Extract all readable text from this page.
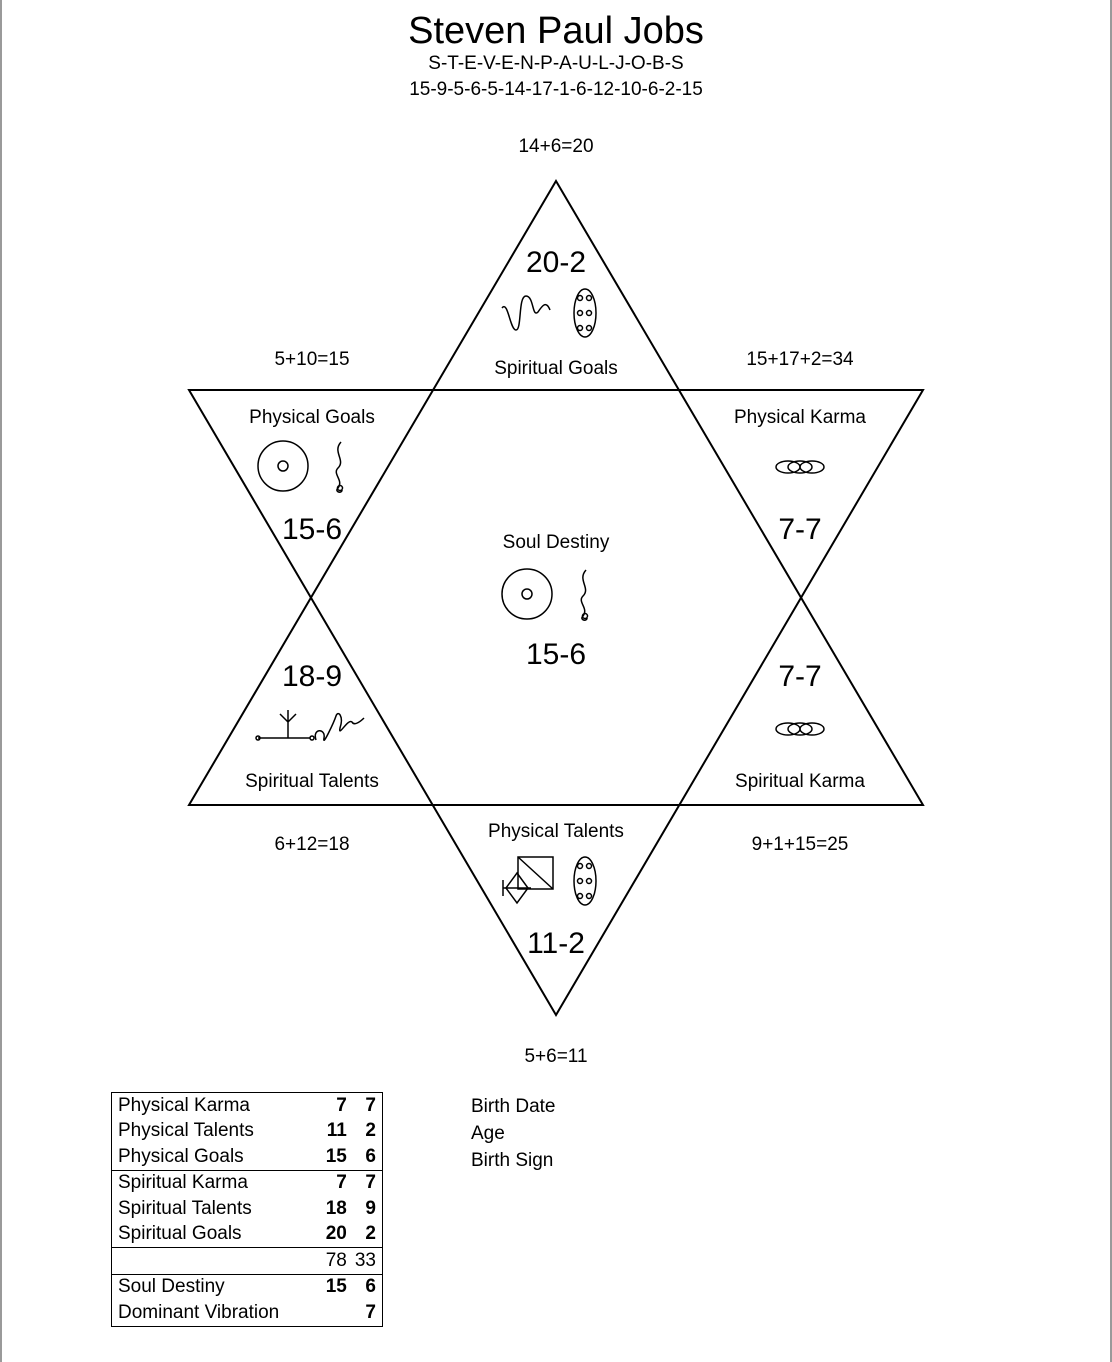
Steven Paul Jobs
S-T-E-V-E-N-P-A-U-L-J-O-B-S
15-9-5-6-5-14-17-1-6-12-10-6-2-15
14+6=20
5+10=15	15+17+2=34
6+12=18	9+1+15=25
5+6=11
20-2
Spiritual Goals
Physical Goals
15-6
Physical Karma
7-7
Soul Destiny
15-6
18-9
Spiritual Talents
7-7
Spiritual Karma
Physical Talents
11-2
Physical Karma	7	7
Physical Talents	11	2
Physical Goals	15	6
Spiritual Karma	7	7
Spiritual Talents	18	9
Spiritual Goals	20	2
	78	33
Soul Destiny	15	6
Dominant Vibration		7
Birth Date
Age
Birth Sign
